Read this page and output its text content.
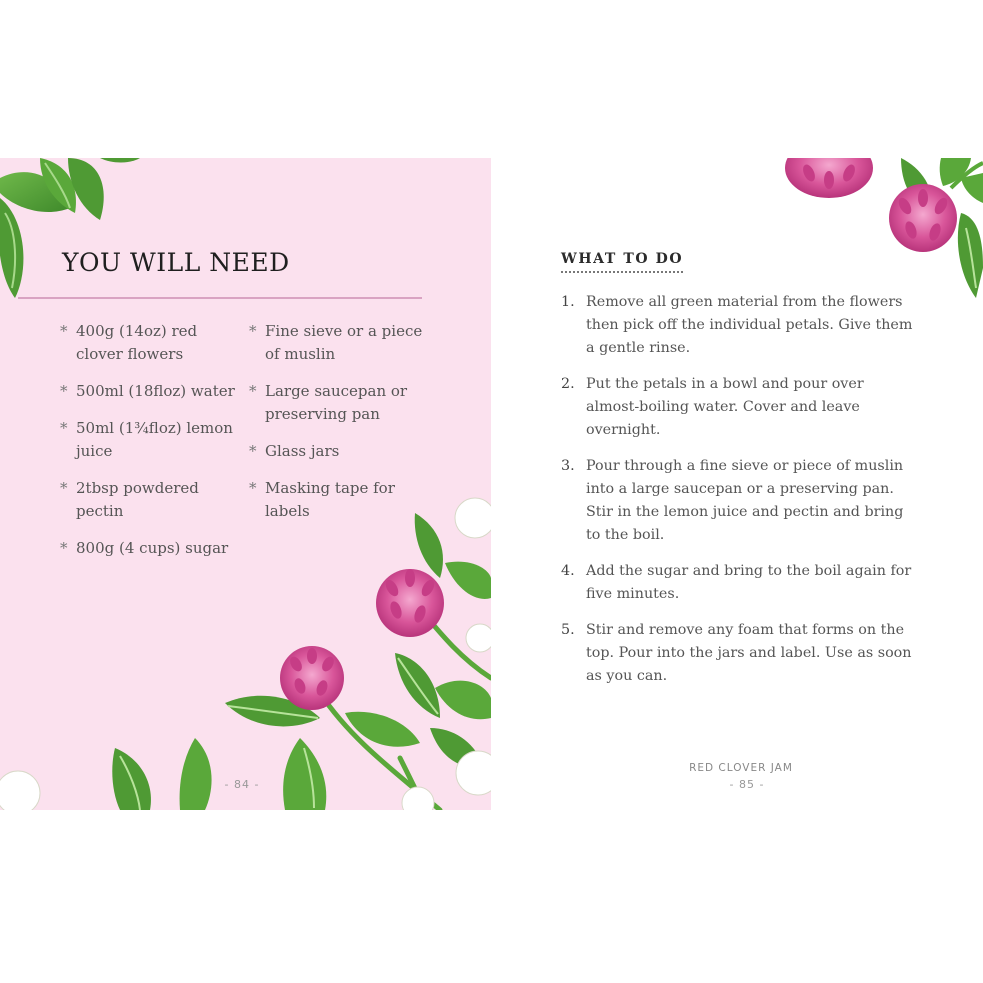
YOU WILL NEED
* 400g (14oz) red clover flowers
* 500ml (18floz) water
* 50ml (1¾floz) lemon juice
* 2tbsp powdered pectin
* 800g (4 cups) sugar
* Fine sieve or a piece of muslin
* Large saucepan or preserving pan
* Glass jars
* Masking tape for labels
- 84 -
WHAT TO DO
1. Remove all green material from the flowers then pick off the individual petals. Give them a gentle rinse.
2. Put the petals in a bowl and pour over almost-boiling water. Cover and leave overnight.
3. Pour through a fine sieve or piece of muslin into a large saucepan or a preserving pan. Stir in the lemon juice and pectin and bring to the boil.
4. Add the sugar and bring to the boil again for five minutes.
5. Stir and remove any foam that forms on the top. Pour into the jars and label. Use as soon as you can.
RED CLOVER JAM
- 85 -
